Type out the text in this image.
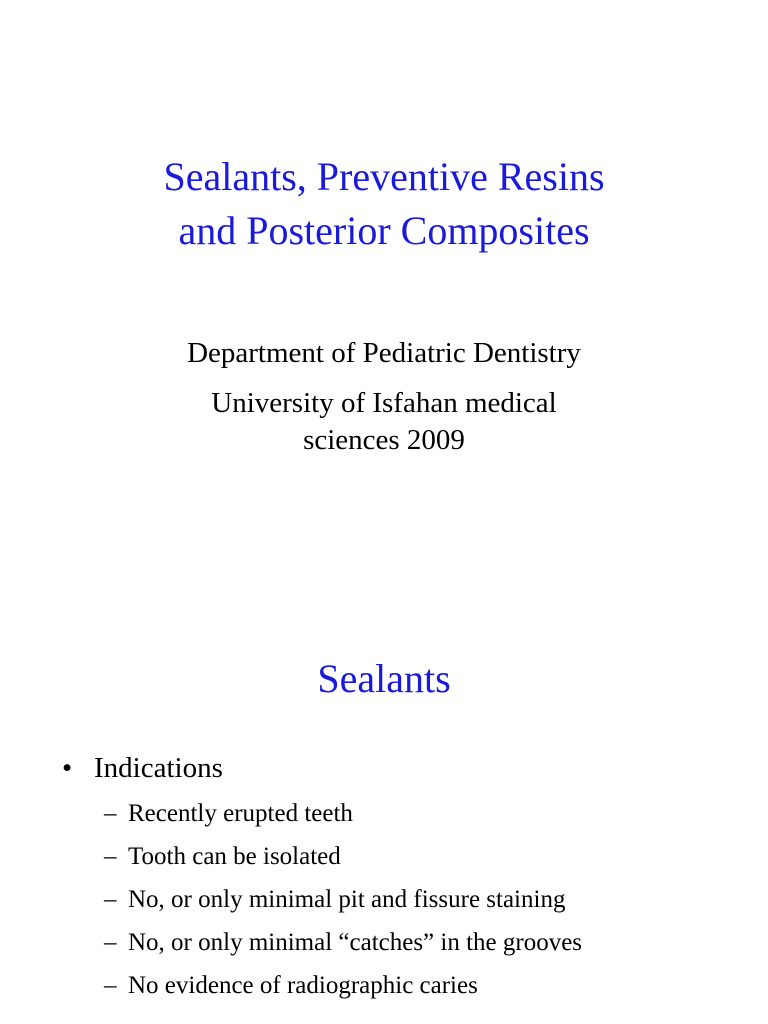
Sealants, Preventive Resins
and Posterior Composites
Department of Pediatric Dentistry
University of Isfahan medical
sciences 2009
Sealants
• Indications
– Recently erupted teeth
– Tooth can be isolated
– No, or only minimal pit and fissure staining
– No, or only minimal “catches” in the grooves
– No evidence of radiographic caries
